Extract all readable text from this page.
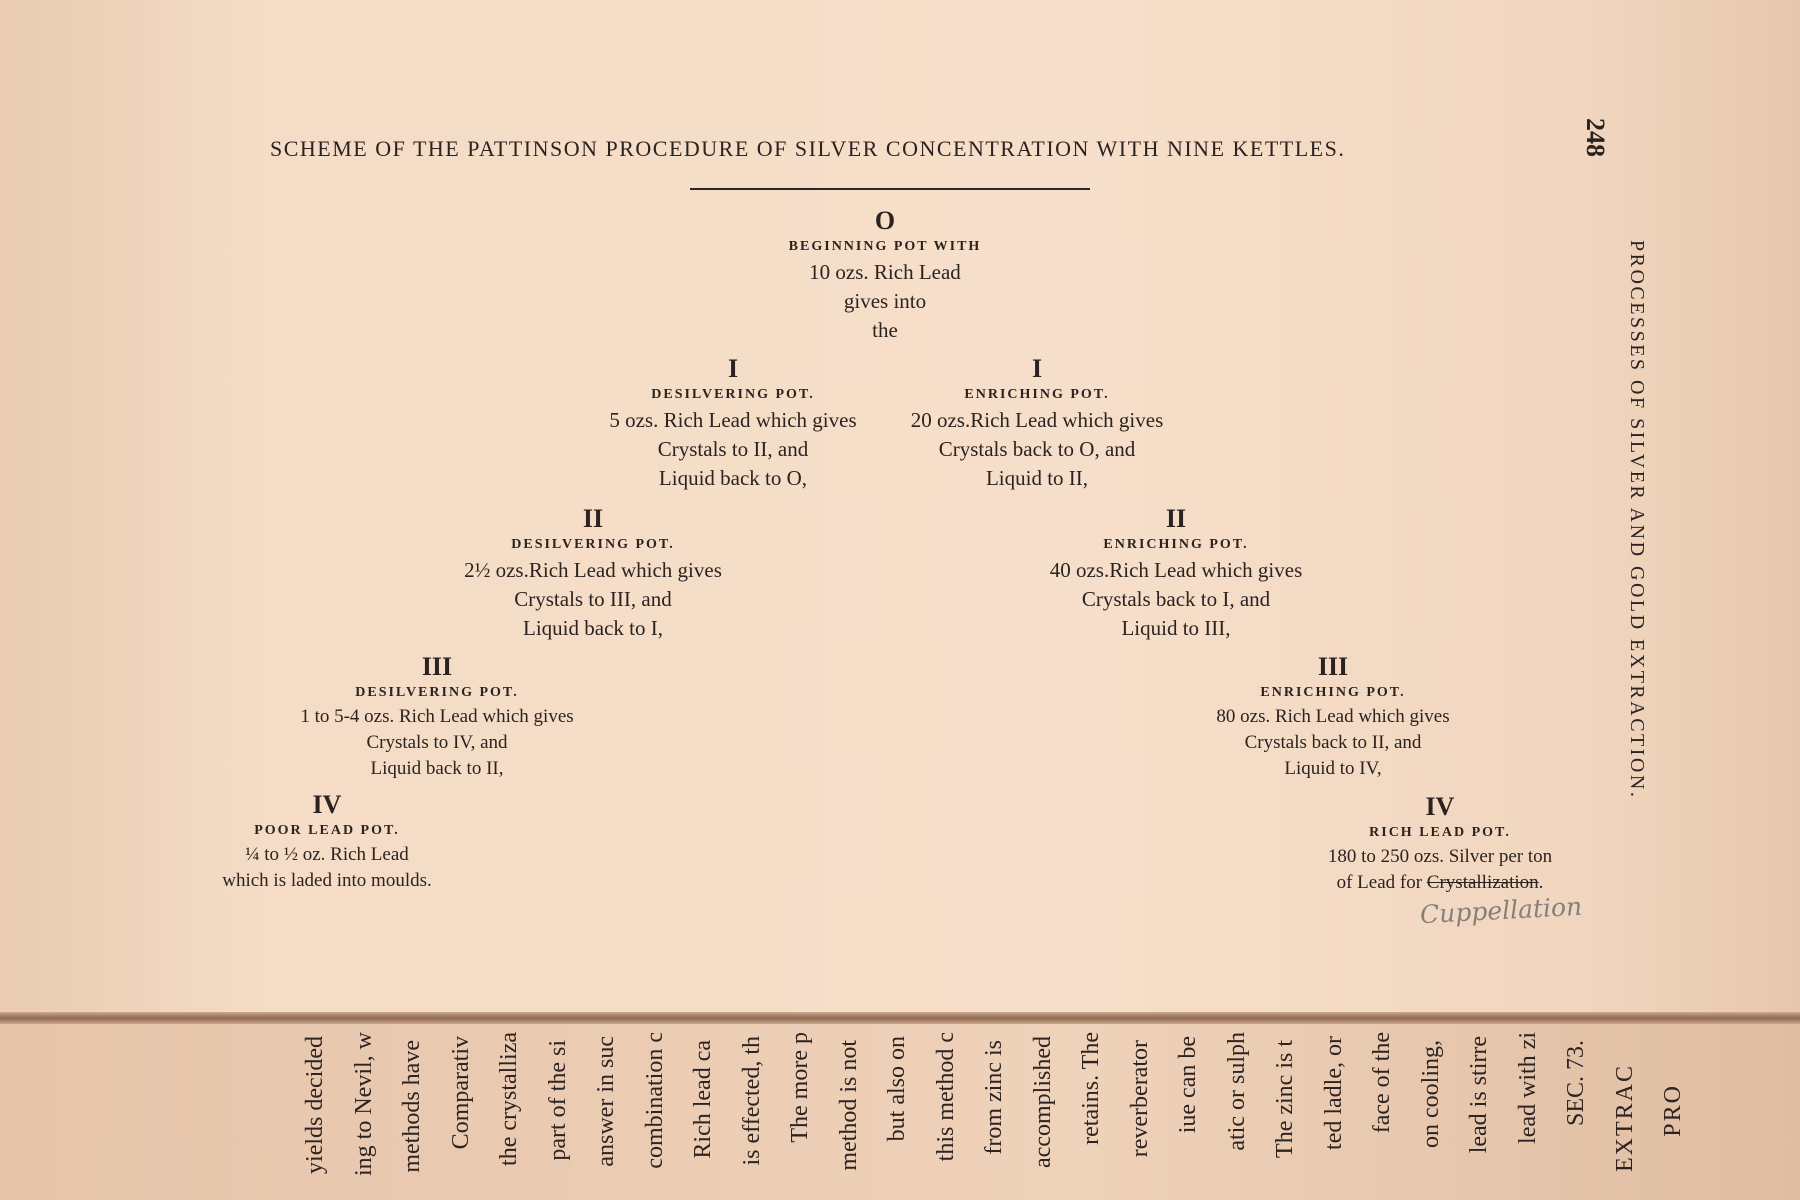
SCHEME OF THE PATTINSON PROCEDURE OF SILVER CONCENTRATION WITH NINE KETTLES.	248
PROCESSES OF SILVER AND GOLD EXTRACTION.
O
BEGINNING POT WITH
10 ozs. Rich Lead
gives into
the
I
DESILVERING POT.
5 ozs. Rich Lead which gives
Crystals to II, and
Liquid back to O,
I
ENRICHING POT.
20 ozs.Rich Lead which gives
Crystals back to O, and
Liquid to II,
II
DESILVERING POT.
2½ ozs.Rich Lead which gives
Crystals to III, and
Liquid back to I,
II
ENRICHING POT.
40 ozs.Rich Lead which gives
Crystals back to I, and
Liquid to III,
III
DESILVERING POT.
1 to 5-4 ozs. Rich Lead which gives
Crystals to IV, and
Liquid back to II,
III
ENRICHING POT.
80 ozs. Rich Lead which gives
Crystals back to II, and
Liquid to IV,
IV
POOR LEAD POT.
¼ to ½ oz. Rich Lead
which is laded into moulds.
IV
RICH LEAD POT.
180 to 250 ozs. Silver per ton
of Lead for Crystallization.
Cuppellation
PRO
EXTRAC
SEC. 73.
lead with zi
lead is stirre
on cooling,
face of the
ted ladle, or
The zinc is t
atic or sulph
iue can be
reverberator
retains. The
accomplished
from zinc is
this method c
but also on
method is not
The more p
is effected, th
Rich lead ca
combination c
answer in suc
part of the si
the crystalliza
Comparativ
methods have
ing to Nevil, w
yields decided
